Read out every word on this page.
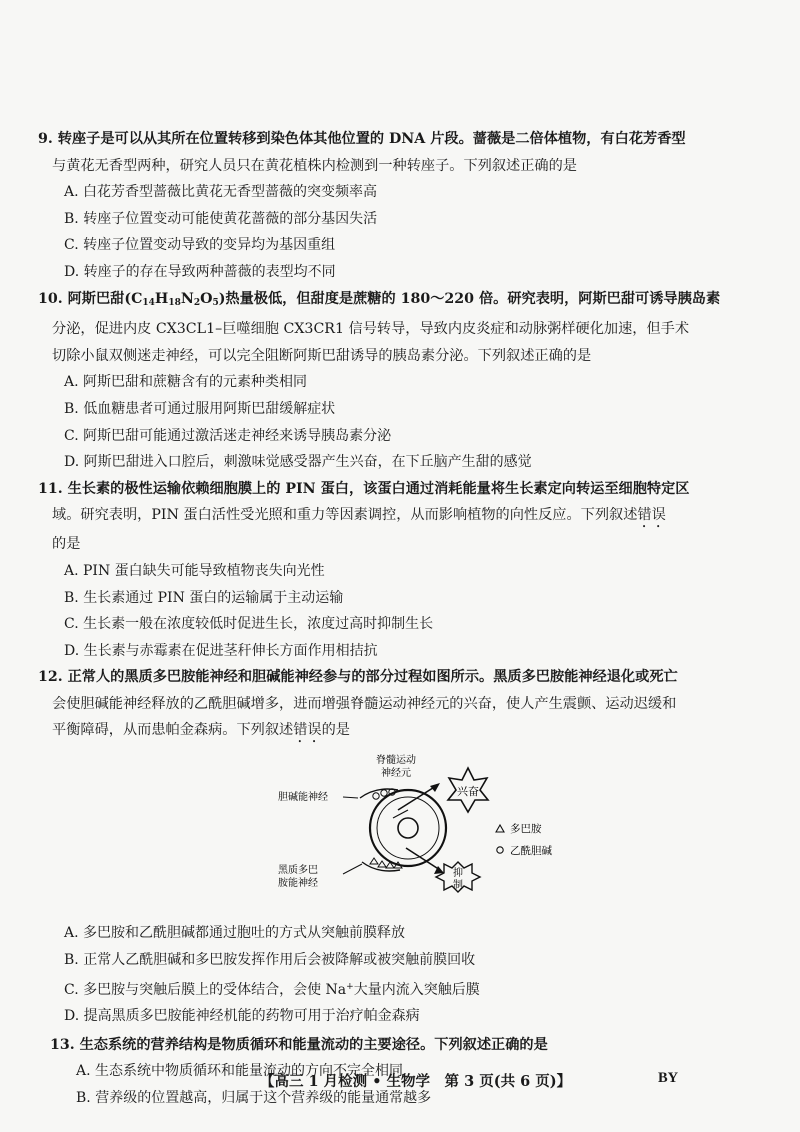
9. 转座子是可以从其所在位置转移到染色体其他位置的 DNA 片段。蔷薇是二倍体植物，有白花芳香型
与黄花无香型两种，研究人员只在黄花植株内检测到一种转座子。下列叙述正确的是
A. 白花芳香型蔷薇比黄花无香型蔷薇的突变频率高
B. 转座子位置变动可能使黄花蔷薇的部分基因失活
C. 转座子位置变动导致的变异均为基因重组
D. 转座子的存在导致两种蔷薇的表型均不同
10. 阿斯巴甜$(C_{14}H_{18}N_2O_5)$热量极低，但甜度是蔗糖的 180～220 倍。研究表明，阿斯巴甜可诱导胰岛素
分泌，促进内皮 CX3CL1–巨噬细胞 CX3CR1 信号转导，导致内皮炎症和动脉粥样硬化加速，但手术
切除小鼠双侧迷走神经，可以完全阻断阿斯巴甜诱导的胰岛素分泌。下列叙述正确的是
A. 阿斯巴甜和蔗糖含有的元素种类相同
B. 低血糖患者可通过服用阿斯巴甜缓解症状
C. 阿斯巴甜可能通过激活迷走神经来诱导胰岛素分泌
D. 阿斯巴甜进入口腔后，刺激味觉感受器产生兴奋，在下丘脑产生甜的感觉
11. 生长素的极性运输依赖细胞膜上的 PIN 蛋白，该蛋白通过消耗能量将生长素定向转运至细胞特定区
域。研究表明，PIN 蛋白活性受光照和重力等因素调控，从而影响植物的向性反应。下列叙述错误
的是
A. PIN 蛋白缺失可能导致植物丧失向光性
B. 生长素通过 PIN 蛋白的运输属于主动运输
C. 生长素一般在浓度较低时促进生长，浓度过高时抑制生长
D. 生长素与赤霉素在促进茎秆伸长方面作用相拮抗
12. 正常人的黑质多巴胺能神经和胆碱能神经参与的部分过程如图所示。黑质多巴胺能神经退化或死亡
会使胆碱能神经释放的乙酰胆碱增多，进而增强脊髓运动神经元的兴奋，使人产生震颤、运动迟缓和
平衡障碍，从而患帕金森病。下列叙述错误的是
脊髓运动
神经元
胆碱能神经
黑质多巴
胺能神经
兴奋
抑
制
多巴胺
乙酰胆碱
A. 多巴胺和乙酰胆碱都通过胞吐的方式从突触前膜释放
B. 正常人乙酰胆碱和多巴胺发挥作用后会被降解或被突触前膜回收
C. 多巴胺与突触后膜上的受体结合，会使 Na+大量内流入突触后膜
D. 提高黑质多巴胺能神经机能的药物可用于治疗帕金森病
13. 生态系统的营养结构是物质循环和能量流动的主要途径。下列叙述正确的是
A. 生态系统中物质循环和能量流动的方向不完全相同
B. 营养级的位置越高，归属于这个营养级的能量通常越多
【高三 1 月检测 • 生物学　第 3 页(共 6 页)】	BY
